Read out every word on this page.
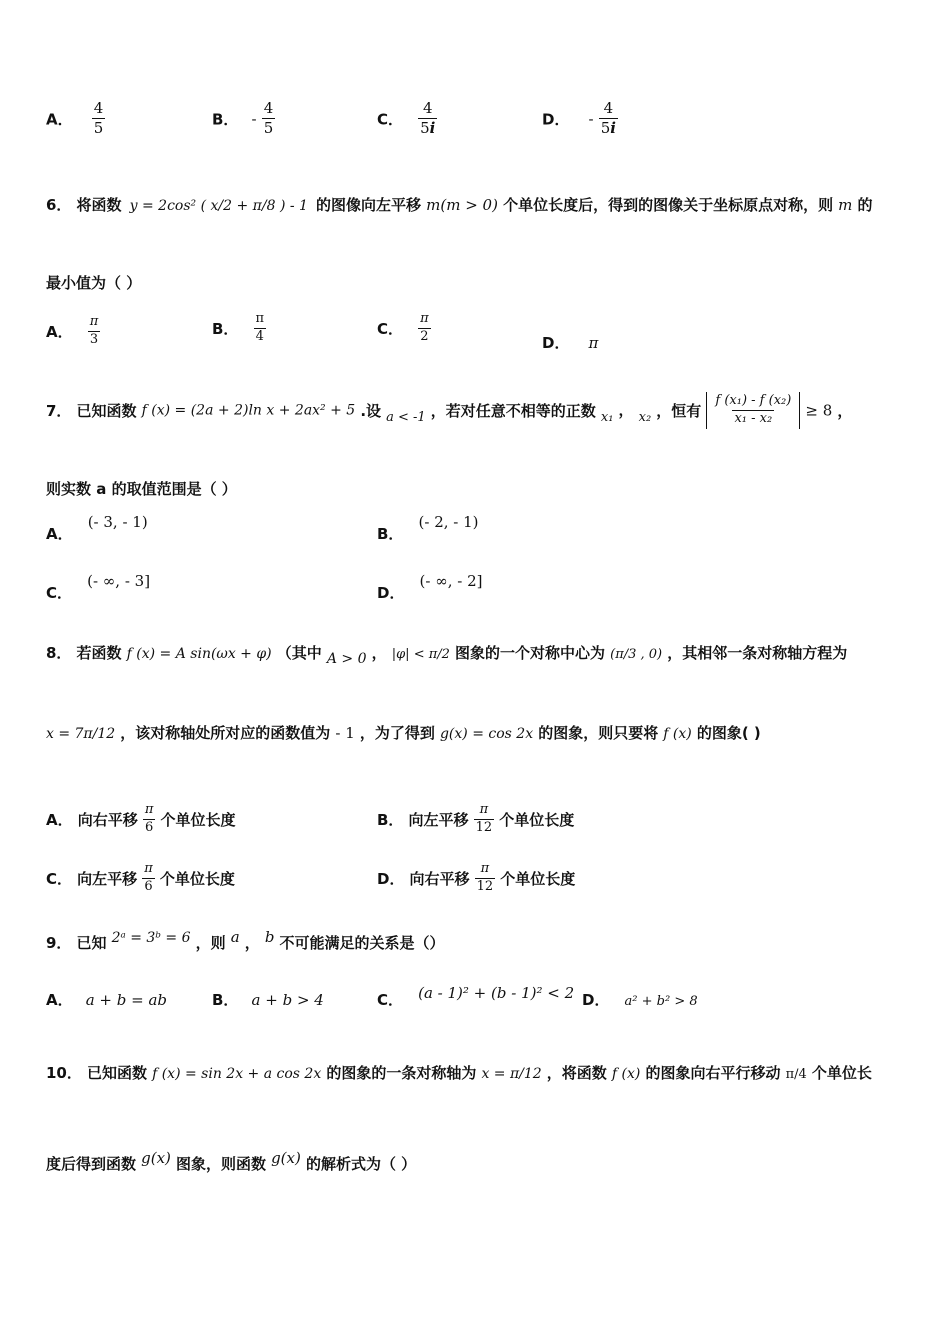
A． $\frac{4}{5}$	B． - $\frac{4}{5}$	C． $\frac{4}{5i}$	D． - $\frac{4}{5i}$
6． 将函数 y = 2cos² ( x/2 + π/8 ) - 1 的图像向左平移 m(m > 0) 个单位长度后，得到的图像关于坐标原点对称，则 m 的
最小值为（ ）
A． $\frac{\pi}{3}$	B． $\frac{\pi}{4}$	C． $\frac{\pi}{2}$	D． π
7． 已知函数 f (x) = (2a + 2)ln x + 2ax² + 5 .设 $_{a < -1}$ ，若对任意不相等的正数 $_{x_1}$ ， $_{x_2}$ ，恒有 $\frac{\text{f (x₁) - f (x₂)}}{\text{x₁ - x₂}} \ge 8$ ，
则实数 a 的取值范围是（ ）
A． (- 3, - 1)
B． (- 2, - 1)
C． (- ∞, - 3]
D． (- ∞, - 2]
8． 若函数 f (x) = A sin(ωx + φ) （其中 A > 0 ， |φ| < π/2 图象的一个对称中心为 (π/3 , 0) ，其相邻一条对称轴方程为
x = 7π/12 ，该对称轴处所对应的函数值为 - 1 ，为了得到 g(x) = cos 2x 的图象，则只要将 f (x) 的图象( )
A． 向右平移 $\frac{\pi}{6}$ 个单位长度	B． 向左平移 $\frac{\pi}{12}$ 个单位长度
C． 向左平移 $\frac{\pi}{6}$ 个单位长度	D． 向右平移 $\frac{\pi}{12}$ 个单位长度
9． 已知 2ᵃ = 3ᵇ = 6 ，则 a ， b 不可能满足的关系是（）
A． a + b = ab	B． a + b > 4	C． (a - 1)² + (b - 1)² < 2 D． a² + b² > 8
10． 已知函数 f (x) = sin 2x + a cos 2x 的图象的一条对称轴为 x = π/12 ，将函数 f (x) 的图象向右平行移动 π/4 个单位长
度后得到函数 g(x) 图象，则函数 g(x) 的解析式为（ ）
